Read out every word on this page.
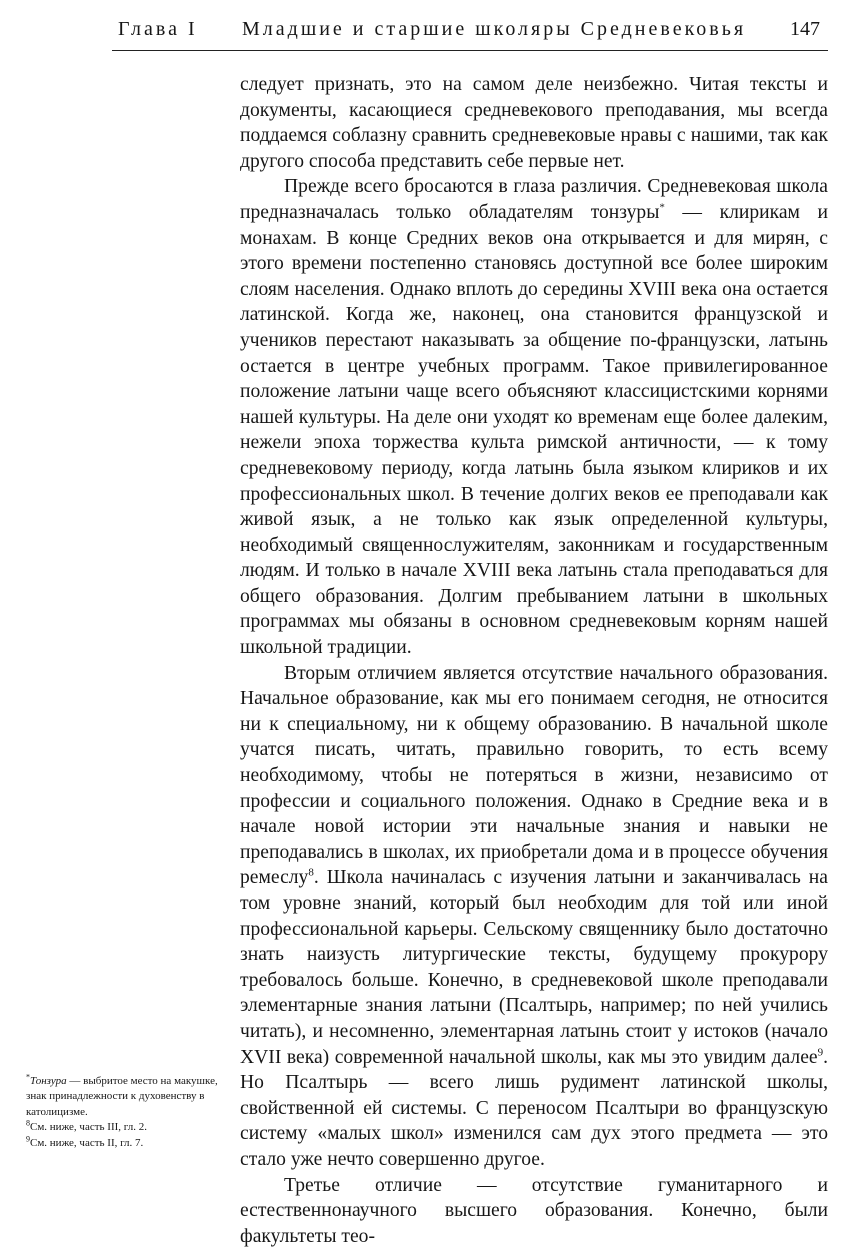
Глава I Младшие и старшие школяры Средневековья 147

следует признать, это на самом деле неизбежно. Читая тексты и документы, касающиеся средневекового преподавания, мы всегда поддаемся соблазну сравнить средневековые нравы с нашими, так как другого способа представить себе первые нет.

Прежде всего бросаются в глаза различия. Средневековая школа предназначалась только обладателям тонзуры* — клирикам и монахам. В конце Средних веков она открывается и для мирян, с этого времени постепенно становясь доступной все более широким слоям населения. Однако вплоть до середины XVIII века она остается латинской. Когда же, наконец, она становится французской и учеников перестают наказывать за общение по-французски, латынь остается в центре учебных программ. Такое привилегированное положение латыни чаще всего объясняют классицистскими корнями нашей культуры. На деле они уходят ко временам еще более далеким, нежели эпоха торжества культа римской античности, — к тому средневековому периоду, когда латынь была языком клириков и их профессиональных школ. В течение долгих веков ее преподавали как живой язык, а не только как язык определенной культуры, необходимый священнослужителям, законникам и государственным людям. И только в начале XVIII века латынь стала преподаваться для общего образования. Долгим пребыванием латыни в школьных программах мы обязаны в основном средневековым корням нашей школьной традиции.

Вторым отличием является отсутствие начального образования. Начальное образование, как мы его понимаем сегодня, не относится ни к специальному, ни к общему образованию. В начальной школе учатся писать, читать, правильно говорить, то есть всему необходимому, чтобы не потеряться в жизни, независимо от профессии и социального положения. Однако в Средние века и в начале новой истории эти начальные знания и навыки не преподавались в школах, их приобретали дома и в процессе обучения ремеслу$^8$. Школа начиналась с изучения латыни и заканчивалась на том уровне знаний, который был необходим для той или иной профессиональной карьеры. Сельскому священнику было достаточно знать наизусть литургические тексты, будущему прокурору требовалось больше. Конечно, в средневековой школе преподавали элементарные знания латыни (Псалтырь, например; по ней учились читать), и несомненно, элементарная латынь стоит у истоков (начало XVII века) современной начальной школы, как мы это увидим далее$^9$. Но Псалтырь — всего лишь рудимент латинской школы, свойственной ей системы. С переносом Псалтыри во французскую систему «малых школ» изменился сам дух этого предмета — это стало уже нечто совершенно другое.

Третье отличие — отсутствие гуманитарного и естественнонаучного высшего образования. Конечно, были факультеты тео-

*Тонзура — выбритое место на макушке, знак принадлежности к духовенству в католицизме.

$^8$См. ниже, часть III, гл. 2.

$^9$См. ниже, часть II, гл. 7.
